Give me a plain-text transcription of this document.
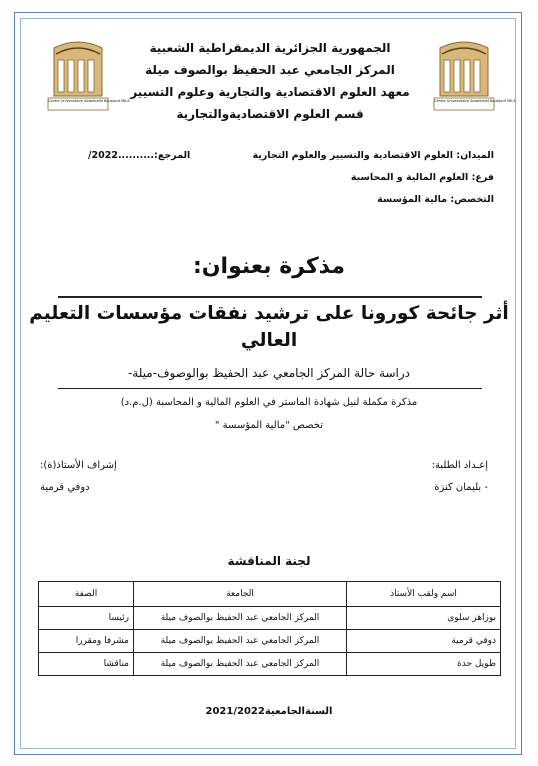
Centre Universitaire Abdelhafid Boussouf MILA	Centre Universitaire Abdelhafid Boussouf MILA
الجمهورية الجزائرية الديمقراطية الشعبية
المركز الجامعي عبد الحفيظ بوالصوف ميلة
معهد العلوم الاقتصادية والتجارية وعلوم التسيير
قسم العلوم الاقتصاديةوالتجارية
الميدان: العلوم الاقتصادية والتسيير والعلوم التجارية
المرجع:..........2022/
فرع: العلوم المالية و المحاسبة
التخصص: مالية المؤسسة
مذكرة بعنوان:
أثر جائحة كورونا على ترشيد نفقات مؤسسات التعليم
العالي
دراسة حالة المركز الجامعي عبد الحفيظ بوالوصوف-ميلة-
مذكرة مكملة لنيل شهادة الماستر في العلوم المالية و المحاسبة (ل.م.د)
تخصص "مالية المؤسسة "
إعـداد الطلبة:
- بليمان كنزة
إشراف الأستاذ(ة):
دوفي قرمية
لجنة المناقشة
اسم ولقب الأستاذ	الجامعة	الصفة
بوزاهر سلوى	المركز الجامعي عبد الحفيظ بوالصوف ميلة	رئيسا
دوفي قرمية	المركز الجامعي عبد الحفيظ بوالصوف ميلة	مشرفا ومقررا
طويل حدة	المركز الجامعي عبد الحفيظ بوالصوف ميلة	مناقشا
السنةالجامعية2021/2022
